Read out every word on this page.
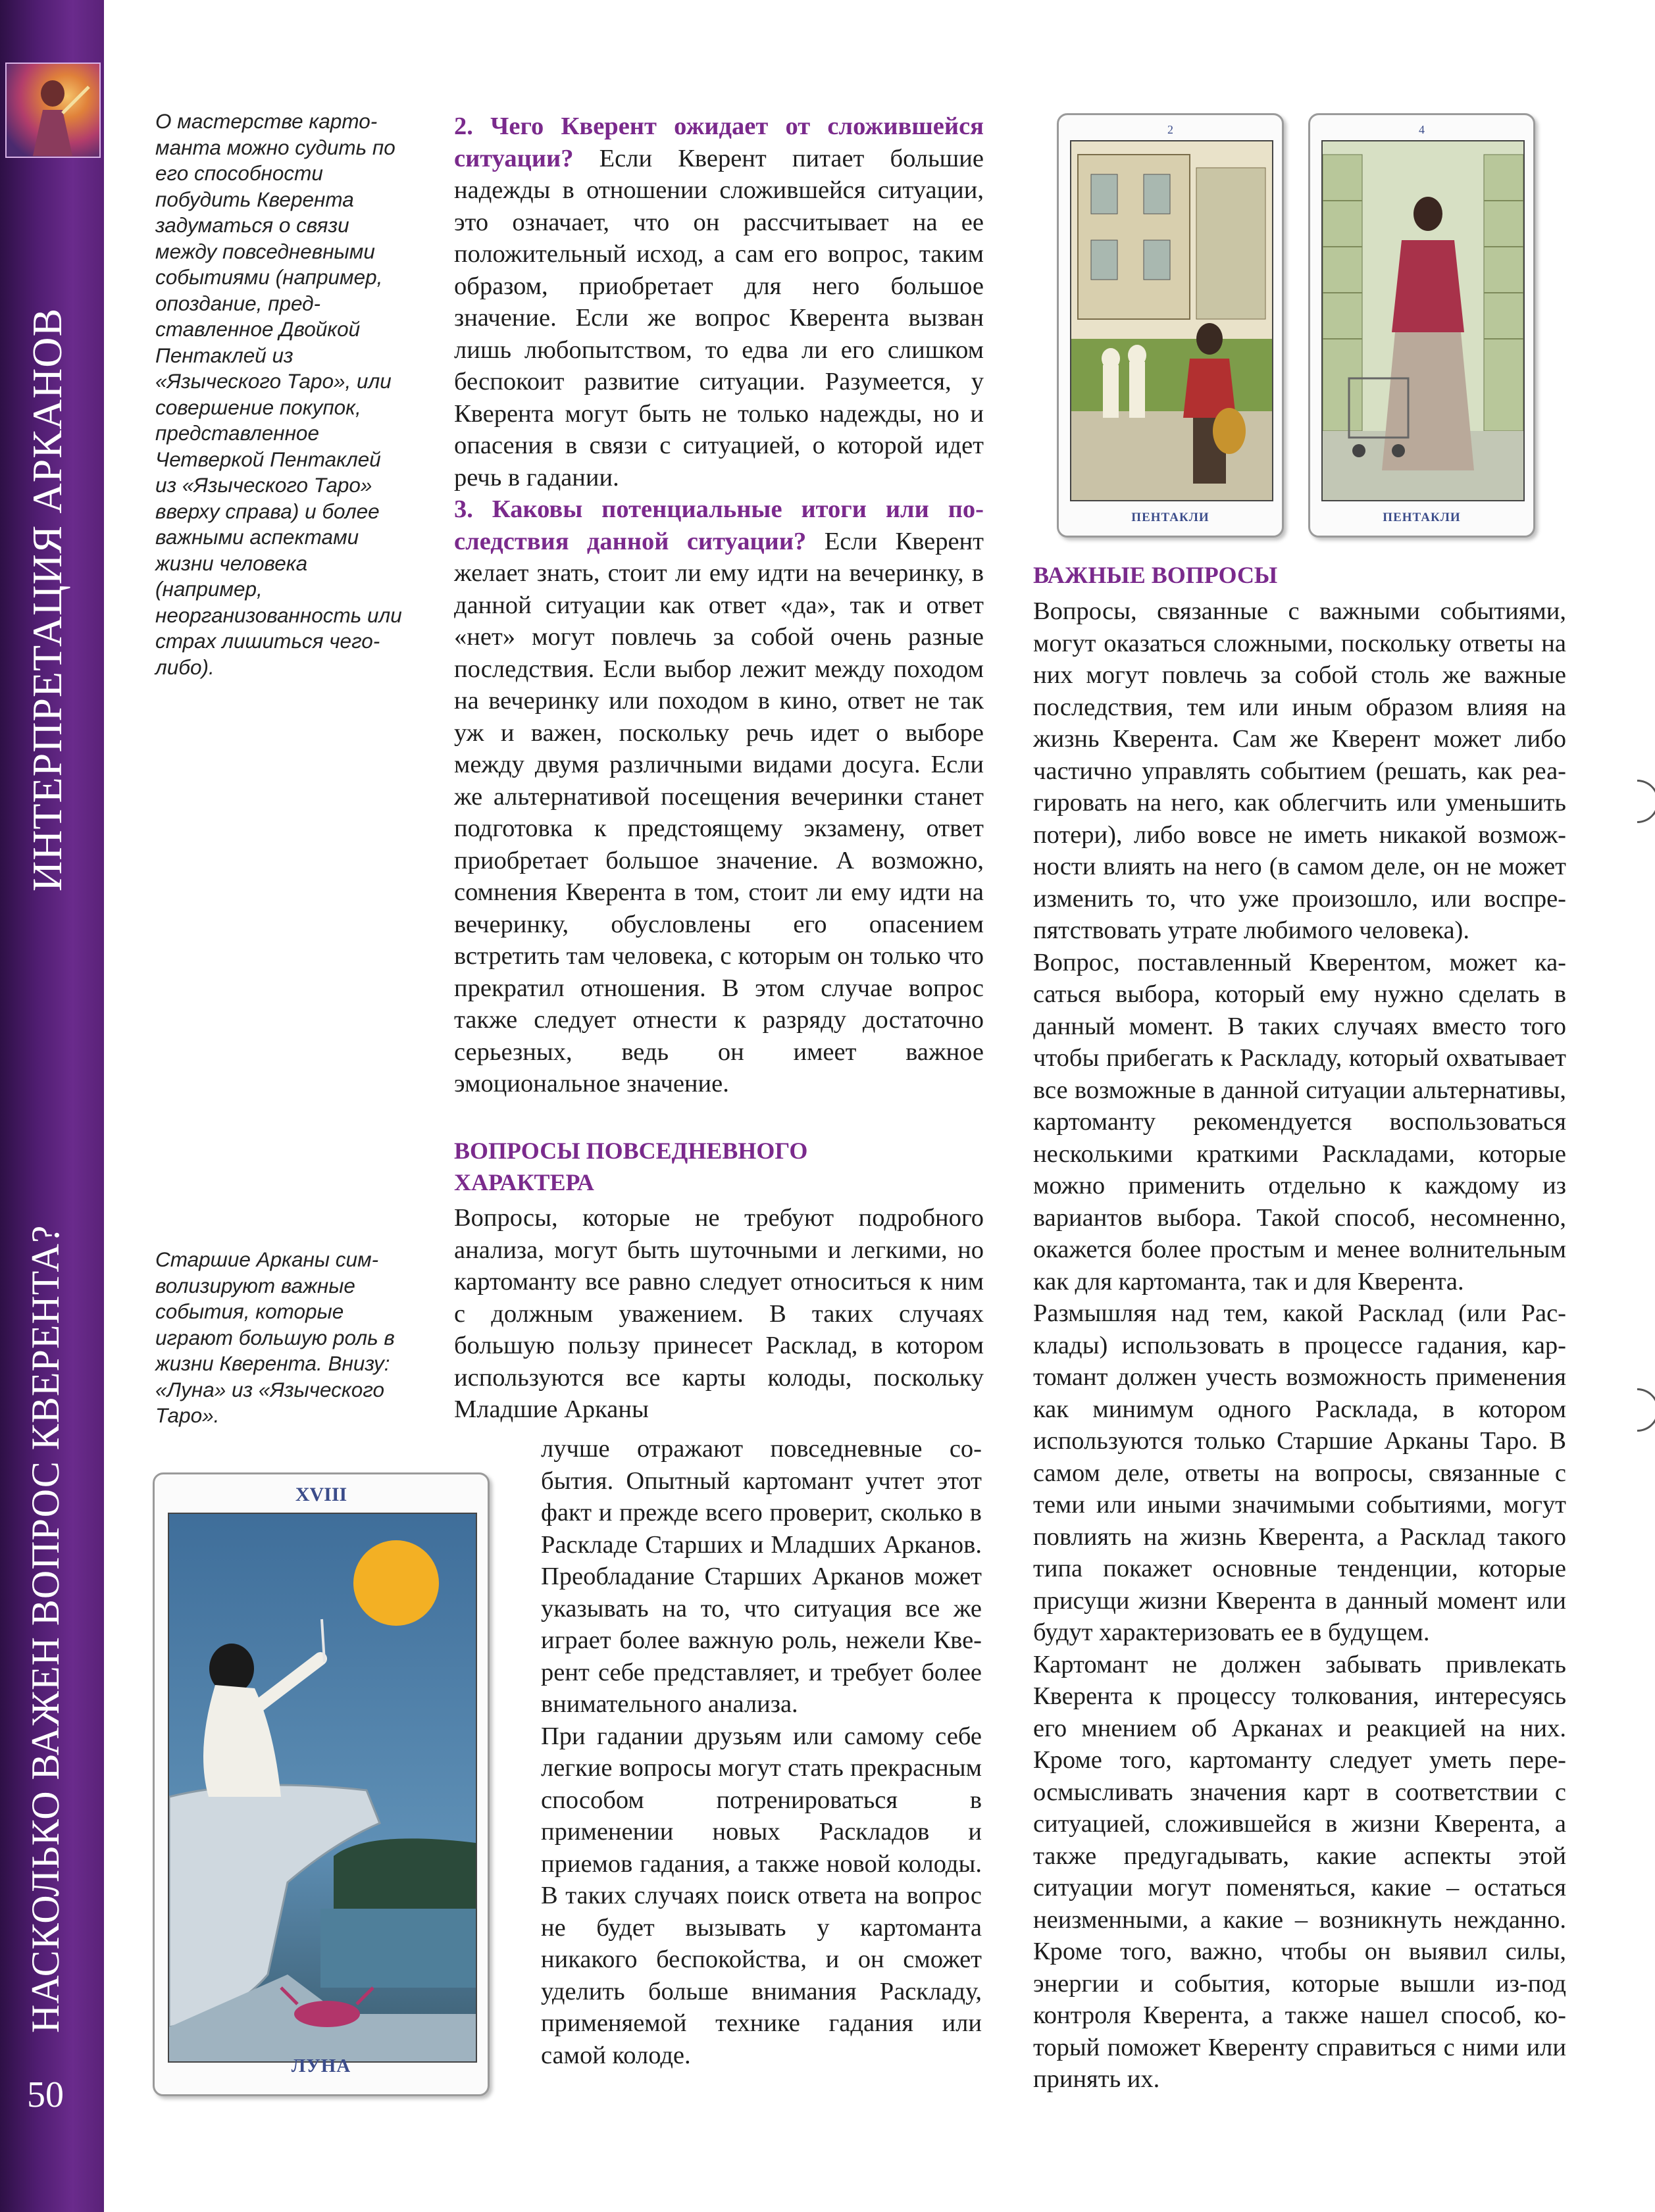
ИНТЕРПРЕТАЦИЯ АРКАНОВ
НАСКОЛЬКО ВАЖЕН ВОПРОС КВЕРЕНТА?
50
О мастерстве картоманта можно судить по его способности побудить Кверента задуматься о связи между повседневными событиями (например, опоздание, представленное Двойкой Пентаклей из «Языческого Таро», или совершение покупок, представленное Четверкой Пентаклей из «Языческого Таро» вверху справа) и более важными аспектами жизни человека (например, неорганизованность или страх лишиться чего-либо).
Старшие Арканы символизируют важные события, которые играют большую роль в жизни Кверента. Внизу: «Луна» из «Языческого Таро».

2. Чего Кверент ожидает от сложившейся ситуации? Если Кверент питает большие надежды в отношении сложившейся ситуации, это означает, что он рассчитывает на ее положительный исход, а сам его вопрос, таким образом, приобретает для него большое значение. Если же вопрос Кверента вызван лишь любопытством, то едва ли его слишком беспокоит развитие ситуации. Разумеется, у Кверента могут быть не только надежды, но и опасения в связи с ситуацией, о которой идет речь в гадании.

3. Каковы потенциальные итоги или последствия данной ситуации? Если Кверент желает знать, стоит ли ему идти на вечеринку, в данной ситуации как ответ «да», так и ответ «нет» могут повлечь за собой очень разные последствия. Если выбор лежит между походом на вечеринку или походом в кино, ответ не так уж и важен, поскольку речь идет о выборе между двумя различными видами досуга. Если же альтернативой посещения вечеринки станет подготовка к предстоящему экзамену, ответ приобретает большое значение. А возможно, сомнения Кверента в том, стоит ли ему идти на вечеринку, обусловлены его опасением встретить там человека, с которым он только что прекратил отношения. В этом случае вопрос также следует отнести к разряду достаточно серьезных, ведь он имеет важное эмоциональное значение.

ВОПРОСЫ ПОВСЕДНЕВНОГО ХАРАКТЕРА

Вопросы, которые не требуют подробного анализа, могут быть шуточными и легкими, но картоманту все равно следует относиться к ним с должным уважением. В таких случаях большую пользу принесет Расклад, в котором используются все карты колоды, поскольку Младшие Арканы

лучше отражают повседневные события. Опытный картомант учтет этот факт и прежде всего проверит, сколько в Раскладе Старших и Младших Арканов. Преобладание Старших Арканов может указывать на то, что ситуация все же играет более важную роль, нежели Кверент себе представляет, и требует более внимательного анализа.

При гадании друзьям или самому себе легкие вопросы могут стать прекрасным способом потренироваться в применении новых Раскладов и приемов гадания, а также новой колоды. В таких случаях поиск ответа на вопрос не будет вызывать у картоманта никакого беспокойства, и он сможет уделить больше внимания Раскладу, применяемой технике гадания или самой колоде.

ВАЖНЫЕ ВОПРОСЫ

Вопросы, связанные с важными событиями, могут оказаться сложными, поскольку ответы на них могут повлечь за собой столь же важные последствия, тем или иным образом влияя на жизнь Кверента. Сам же Кверент может либо частично управлять событием (решать, как реагировать на него, как облегчить или уменьшить потери), либо вовсе не иметь никакой возможности влиять на него (в самом деле, он не может изменить то, что уже произошло, или воспрепятствовать утрате любимого человека).

Вопрос, поставленный Кверентом, может касаться выбора, который ему нужно сделать в данный момент. В таких случаях вместо того чтобы прибегать к Раскладу, который охватывает все возможные в данной ситуации альтернативы, картоманту рекомендуется воспользоваться несколькими краткими Раскладами, которые можно применить отдельно к каждому из вариантов выбора. Такой способ, несомненно, окажется более простым и менее волнительным как для картоманта, так и для Кверента.

Размышляя над тем, какой Расклад (или Расклады) использовать в процессе гадания, картомант должен учесть возможность применения как минимум одного Расклада, в котором используются только Старшие Арканы Таро. В самом деле, ответы на вопросы, связанные с теми или иными значимыми событиями, могут повлиять на жизнь Кверента, а Расклад такого типа покажет основные тенденции, которые присущи жизни Кверента в данный момент или будут характеризовать ее в будущем.

Картомант не должен забывать привлекать Кверента к процессу толкования, интересуясь его мнением об Арканах и реакцией на них. Кроме того, картоманту следует уметь переосмысливать значения карт в соответствии с ситуацией, сложившейся в жизни Кверента, а также предугадывать, какие аспекты этой ситуации могут поменяться, какие – остаться неизменными, а какие – возникнуть нежданно. Кроме того, важно, чтобы он выявил силы, энергии и события, которые вышли из-под контроля Кверента, а также нашел способ, который поможет Кверенту справиться с ними или принять их.

2
ПЕНТАКЛИ
4
ПЕНТАКЛИ
XVIII
ЛУНА
